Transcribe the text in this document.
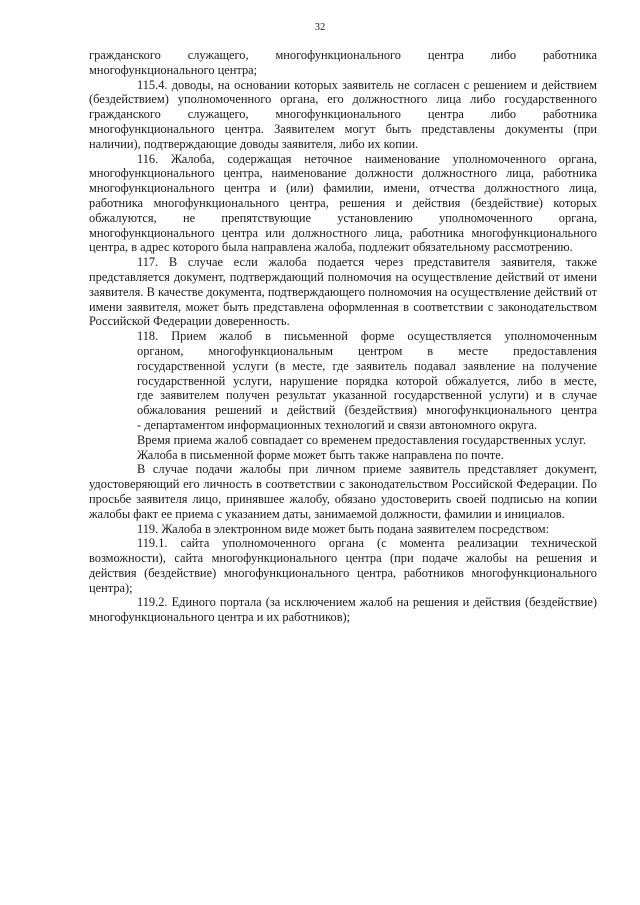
32

гражданского служащего, многофункционального центра либо работника многофункционального центра;

115.4. доводы, на основании которых заявитель не согласен с решением и действием (бездействием) уполномоченного органа, его должностного лица либо государственного гражданского служащего, многофункционального центра либо работника многофункционального центра. Заявителем могут быть представлены документы (при наличии), подтверждающие доводы заявителя, либо их копии.

116. Жалоба, содержащая неточное наименование уполномоченного органа, многофункционального центра, наименование должности должностного лица, работника многофункционального центра и (или) фамилии, имени, отчества должностного лица, работника многофункционального центра, решения и действия (бездействие) которых обжалуются, не препятствующие установлению уполномоченного органа, многофункционального центра или должностного лица, работника многофункционального центра, в адрес которого была направлена жалоба, подлежит обязательному рассмотрению.

117. В случае если жалоба подается через представителя заявителя, также представляется документ, подтверждающий полномочия на осуществление действий от имени заявителя. В качестве документа, подтверждающего полномочия на осуществление действий от имени заявителя, может быть представлена оформленная в соответствии с законодательством Российской Федерации доверенность.

118. Прием жалоб в письменной форме осуществляется уполномоченным
органом, многофункциональным центром в месте предоставления
государственной услуги (в месте, где заявитель подавал заявление на получение
государственной услуги, нарушение порядка которой обжалуется, либо в месте,
где заявителем получен результат указанной государственной услуги) и в случае
обжалования решений и действий (бездействия) многофункционального центра
- департаментом информационных технологий и связи автономного округа.

Время приема жалоб совпадает со временем предоставления государственных услуг.

Жалоба в письменной форме может быть также направлена по почте.

В случае подачи жалобы при личном приеме заявитель представляет документ, удостоверяющий его личность в соответствии с законодательством Российской Федерации. По просьбе заявителя лицо, принявшее жалобу, обязано удостоверить своей подписью на копии жалобы факт ее приема с указанием даты, занимаемой должности, фамилии и инициалов.

119. Жалоба в электронном виде может быть подана заявителем посредством:

119.1. сайта уполномоченного органа (с момента реализации технической возможности), сайта многофункционального центра (при подаче жалобы на решения и действия (бездействие) многофункционального центра, работников многофункционального центра);

119.2. Единого портала (за исключением жалоб на решения и действия (бездействие) многофункционального центра и их работников);
